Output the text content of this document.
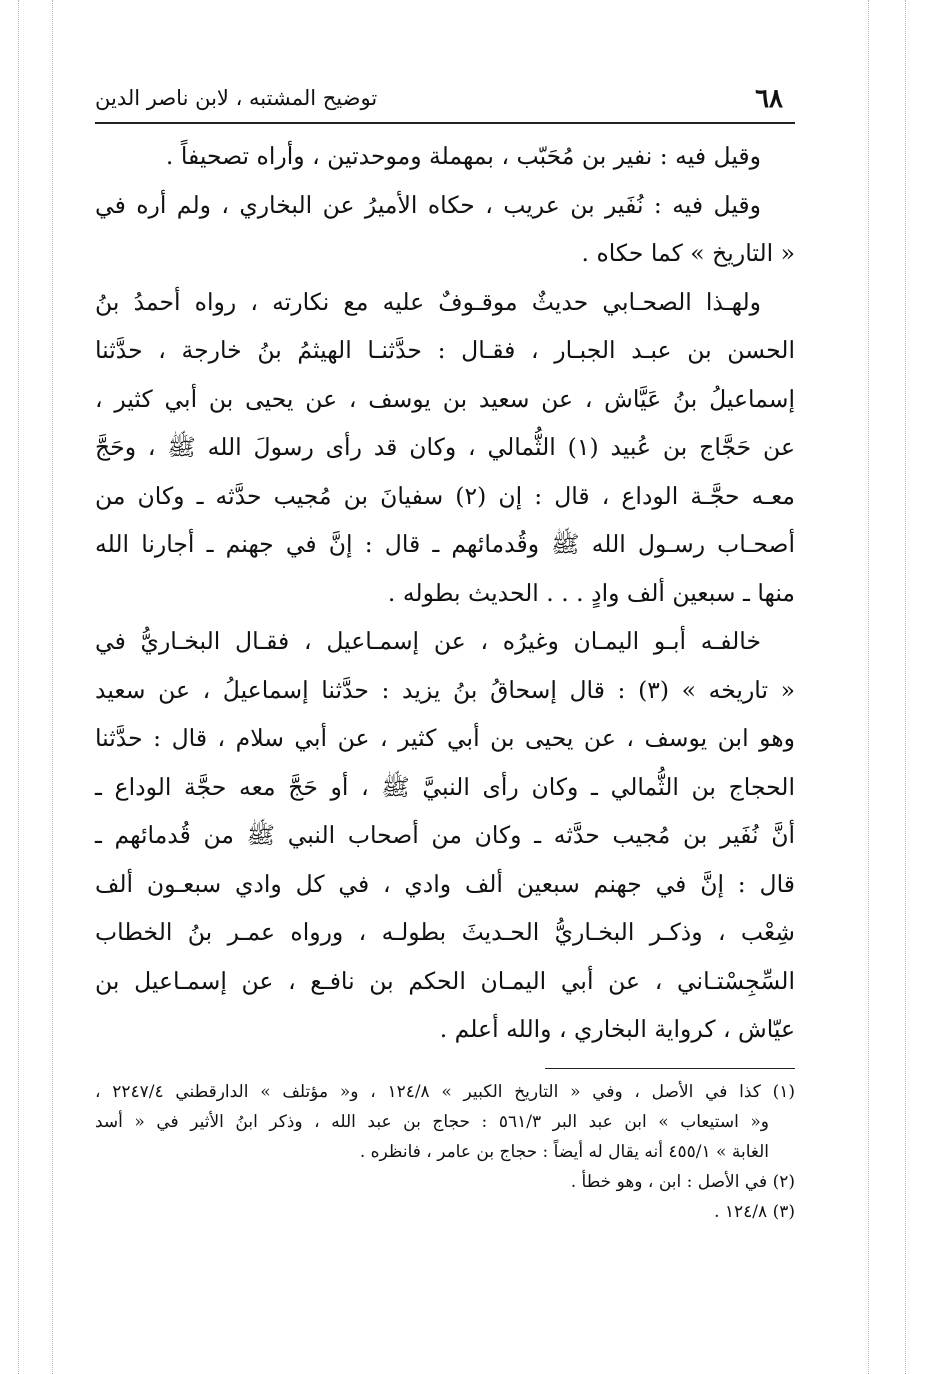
٦٨
توضيح المشتبه ، لابن ناصر الدين
وقيل فيه : نفير بن مُحَبّب ، بمهملة وموحدتين ، وأراه تصحيفاً .
وقيل فيه : نُفَير بن عريب ، حكاه الأميرُ عن البخاري ، ولم أره في
« التاريخ » كما حكاه .
ولهـذا الصحـابي حديثٌ موقـوفٌ عليه مع نكارته ، رواه أحمدُ بنُ
الحسن بن عبـد الجبـار ، فقـال : حدَّثنـا الهيثمُ بنُ خارجة ، حدَّثنا
إسماعيلُ بنُ عَيَّاش ، عن سعيد بن يوسف ، عن يحيى بن أبي كثير ،
عن حَجَّاج بن عُبيد (١) الثُّمالي ، وكان قد رأى رسولَ الله ﷺ ، وحَجَّ
معـه حجَّـة الوداع ، قال : إن (٢) سفيانَ بن مُجيب حدَّثه ـ وكان من
أصحـاب رسـول الله ﷺ وقُدمائهم ـ قال : إنَّ في جهنم ـ أجارنا الله
منها ـ سبعين ألف وادٍ . . . الحديث بطوله .
خالفـه أبـو اليمـان وغيرُه ، عن إسمـاعيل ، فقـال البخـاريُّ في
« تاريخه » (٣) : قال إسحاقُ بنُ يزيد : حدَّثنا إسماعيلُ ، عن سعيد
وهو ابن يوسف ، عن يحيى بن أبي كثير ، عن أبي سلام ، قال : حدَّثنا
الحجاج بن الثُّمالي ـ وكان رأى النبيَّ ﷺ ، أو حَجَّ معه حجَّة الوداع ـ
أنَّ نُفَير بن مُجيب حدَّثه ـ وكان من أصحاب النبي ﷺ من قُدمائهم ـ
قال : إنَّ في جهنم سبعين ألف وادي ، في كل وادي سبعـون ألف
شِعْب ، وذكـر البخـاريُّ الحـديثَ بطولـه ، ورواه عمـر بنُ الخطاب
السِّجِسْتـاني ، عن أبي اليمـان الحكم بن نافـع ، عن إسمـاعيل بن
عيّاش ، كرواية البخاري ، والله أعلم .
(١) كذا في الأصل ، وفي « التاريخ الكبير » ١٢٤/٨ ، و« مؤتلف » الدارقطني ٢٢٤٧/٤ ،
و« استيعاب » ابن عبد البر ٥٦١/٣ : حجاج بن عبد الله ، وذكر ابنُ الأثير في « أسد
الغابة » ٤٥٥/١ أنه يقال له أيضاً : حجاج بن عامر ، فانظره .
(٢) في الأصل : ابن ، وهو خطأ .
(٣) ١٢٤/٨ .
